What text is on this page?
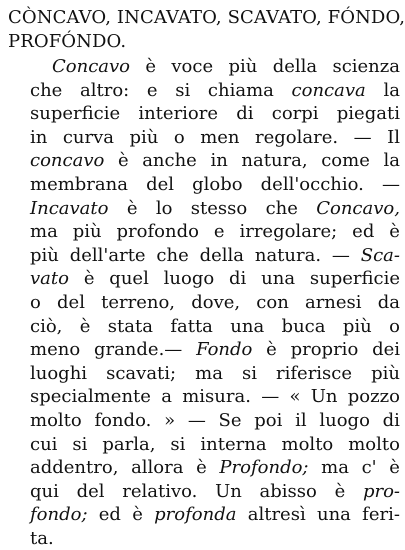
CÒNCAVO, INCAVATO, SCAVATO, FÓNDO,
PROFÓNDO.
Concavo è voce più della scienza
che altro: e si chiama concava la
superficie interiore di corpi piegati
in curva più o men regolare. — Il
concavo è anche in natura, come la
membrana del globo dell'occhio. —
Incavato è lo stesso che Concavo,
ma più profondo e irregolare; ed è
più dell'arte che della natura. — Sca-
vato è quel luogo di una superficie
o del terreno, dove, con arnesi da
ciò, è stata fatta una buca più o
meno grande.— Fondo è proprio dei
luoghi scavati; ma si riferisce più
specialmente a misura. — « Un pozzo
molto fondo. » — Se poi il luogo di
cui si parla, si interna molto molto
addentro, allora è Profondo; ma c' è
qui del relativo. Un abisso è pro-
fondo; ed è profonda altresì una feri-
ta.
